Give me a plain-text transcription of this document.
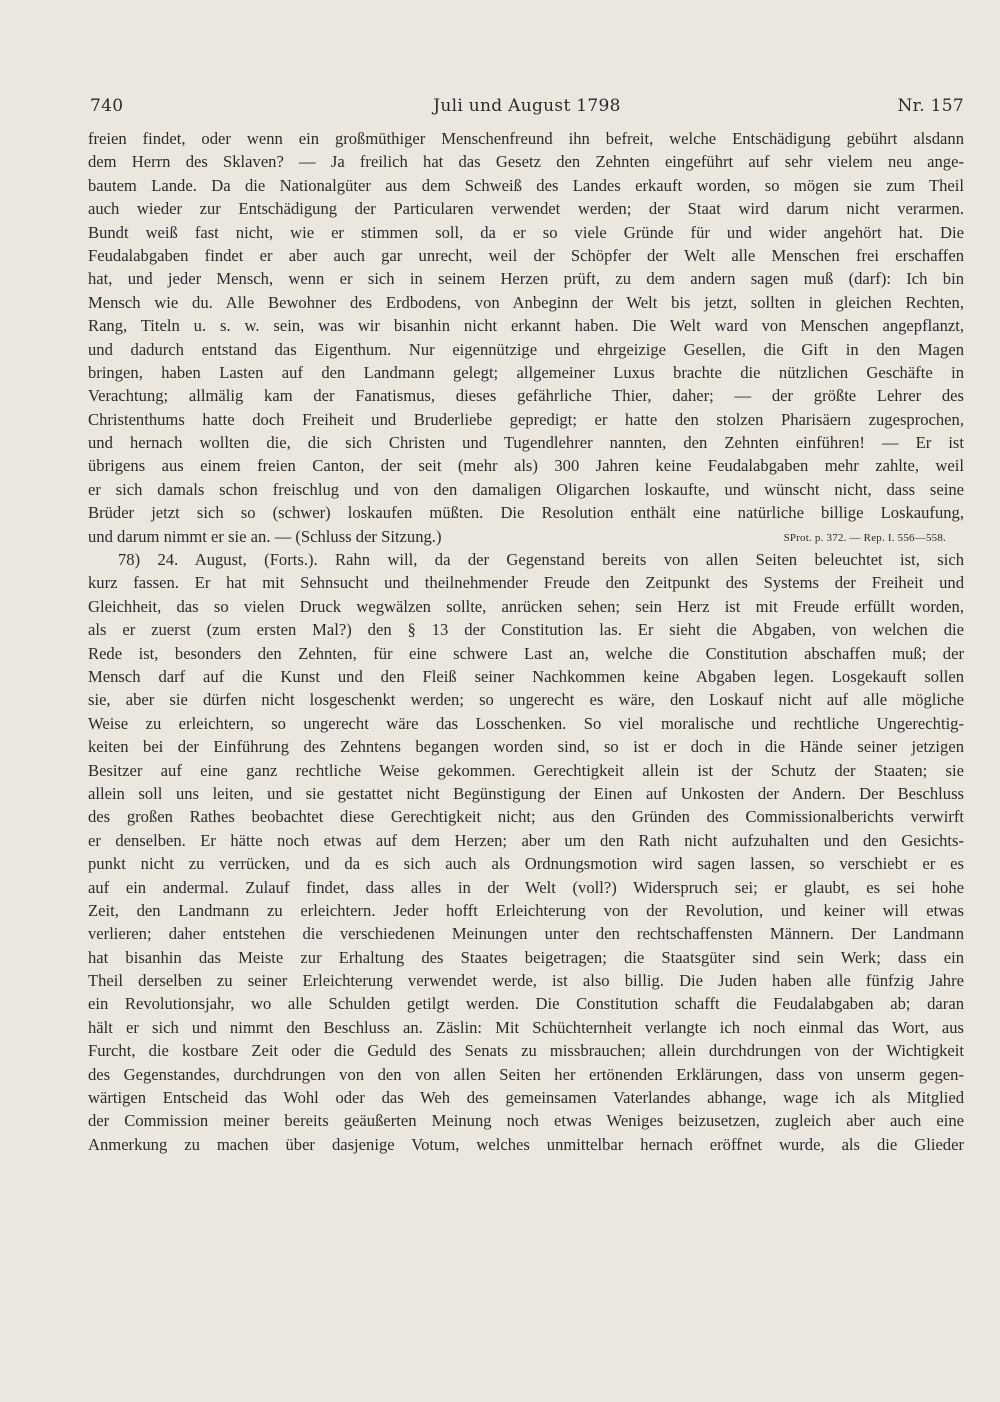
740	Juli und August 1798	Nr. 157
freien findet, oder wenn ein großmüthiger Menschenfreund ihn befreit, welche Entschädigung gebührt alsdann
dem Herrn des Sklaven? — Ja freilich hat das Gesetz den Zehnten eingeführt auf sehr vielem neu ange-
bautem Lande. Da die Nationalgüter aus dem Schweiß des Landes erkauft worden, so mögen sie zum Theil
auch wieder zur Entschädigung der Particularen verwendet werden; der Staat wird darum nicht verarmen.
Bundt weiß fast nicht, wie er stimmen soll, da er so viele Gründe für und wider angehört hat. Die
Feudalabgaben findet er aber auch gar unrecht, weil der Schöpfer der Welt alle Menschen frei erschaffen
hat, und jeder Mensch, wenn er sich in seinem Herzen prüft, zu dem andern sagen muß (darf): Ich bin
Mensch wie du. Alle Bewohner des Erdbodens, von Anbeginn der Welt bis jetzt, sollten in gleichen Rechten,
Rang, Titeln u. s. w. sein, was wir bisanhin nicht erkannt haben. Die Welt ward von Menschen angepflanzt,
und dadurch entstand das Eigenthum. Nur eigennützige und ehrgeizige Gesellen, die Gift in den Magen
bringen, haben Lasten auf den Landmann gelegt; allgemeiner Luxus brachte die nützlichen Geschäfte in
Verachtung; allmälig kam der Fanatismus, dieses gefährliche Thier, daher; — der größte Lehrer des
Christenthums hatte doch Freiheit und Bruderliebe gepredigt; er hatte den stolzen Pharisäern zugesprochen,
und hernach wollten die, die sich Christen und Tugendlehrer nannten, den Zehnten einführen! — Er ist
übrigens aus einem freien Canton, der seit (mehr als) 300 Jahren keine Feudalabgaben mehr zahlte, weil
er sich damals schon freischlug und von den damaligen Oligarchen loskaufte, und wünscht nicht, dass seine
Brüder jetzt sich so (schwer) loskaufen müßten. Die Resolution enthält eine natürliche billige Loskaufung,
und darum nimmt er sie an. — (Schluss der Sitzung.)	SProt. p. 372. — Rep. I. 556—558.
78) 24. August, (Forts.). Rahn will, da der Gegenstand bereits von allen Seiten beleuchtet ist, sich
kurz fassen. Er hat mit Sehnsucht und theilnehmender Freude den Zeitpunkt des Systems der Freiheit und
Gleichheit, das so vielen Druck wegwälzen sollte, anrücken sehen; sein Herz ist mit Freude erfüllt worden,
als er zuerst (zum ersten Mal?) den § 13 der Constitution las. Er sieht die Abgaben, von welchen die
Rede ist, besonders den Zehnten, für eine schwere Last an, welche die Constitution abschaffen muß; der
Mensch darf auf die Kunst und den Fleiß seiner Nachkommen keine Abgaben legen. Losgekauft sollen
sie, aber sie dürfen nicht losgeschenkt werden; so ungerecht es wäre, den Loskauf nicht auf alle mögliche
Weise zu erleichtern, so ungerecht wäre das Losschenken. So viel moralische und rechtliche Ungerechtig-
keiten bei der Einführung des Zehntens begangen worden sind, so ist er doch in die Hände seiner jetzigen
Besitzer auf eine ganz rechtliche Weise gekommen. Gerechtigkeit allein ist der Schutz der Staaten; sie
allein soll uns leiten, und sie gestattet nicht Begünstigung der Einen auf Unkosten der Andern. Der Beschluss
des großen Rathes beobachtet diese Gerechtigkeit nicht; aus den Gründen des Commissionalberichts verwirft
er denselben. Er hätte noch etwas auf dem Herzen; aber um den Rath nicht aufzuhalten und den Gesichts-
punkt nicht zu verrücken, und da es sich auch als Ordnungsmotion wird sagen lassen, so verschiebt er es
auf ein andermal. Zulauf findet, dass alles in der Welt (voll?) Widerspruch sei; er glaubt, es sei hohe
Zeit, den Landmann zu erleichtern. Jeder hofft Erleichterung von der Revolution, und keiner will etwas
verlieren; daher entstehen die verschiedenen Meinungen unter den rechtschaffensten Männern. Der Landmann
hat bisanhin das Meiste zur Erhaltung des Staates beigetragen; die Staatsgüter sind sein Werk; dass ein
Theil derselben zu seiner Erleichterung verwendet werde, ist also billig. Die Juden haben alle fünfzig Jahre
ein Revolutionsjahr, wo alle Schulden getilgt werden. Die Constitution schafft die Feudalabgaben ab; daran
hält er sich und nimmt den Beschluss an. Zäslin: Mit Schüchternheit verlangte ich noch einmal das Wort, aus
Furcht, die kostbare Zeit oder die Geduld des Senats zu missbrauchen; allein durchdrungen von der Wichtigkeit
des Gegenstandes, durchdrungen von den von allen Seiten her ertönenden Erklärungen, dass von unserm gegen-
wärtigen Entscheid das Wohl oder das Weh des gemeinsamen Vaterlandes abhange, wage ich als Mitglied
der Commission meiner bereits geäußerten Meinung noch etwas Weniges beizusetzen, zugleich aber auch eine
Anmerkung zu machen über dasjenige Votum, welches unmittelbar hernach eröffnet wurde, als die Glieder
